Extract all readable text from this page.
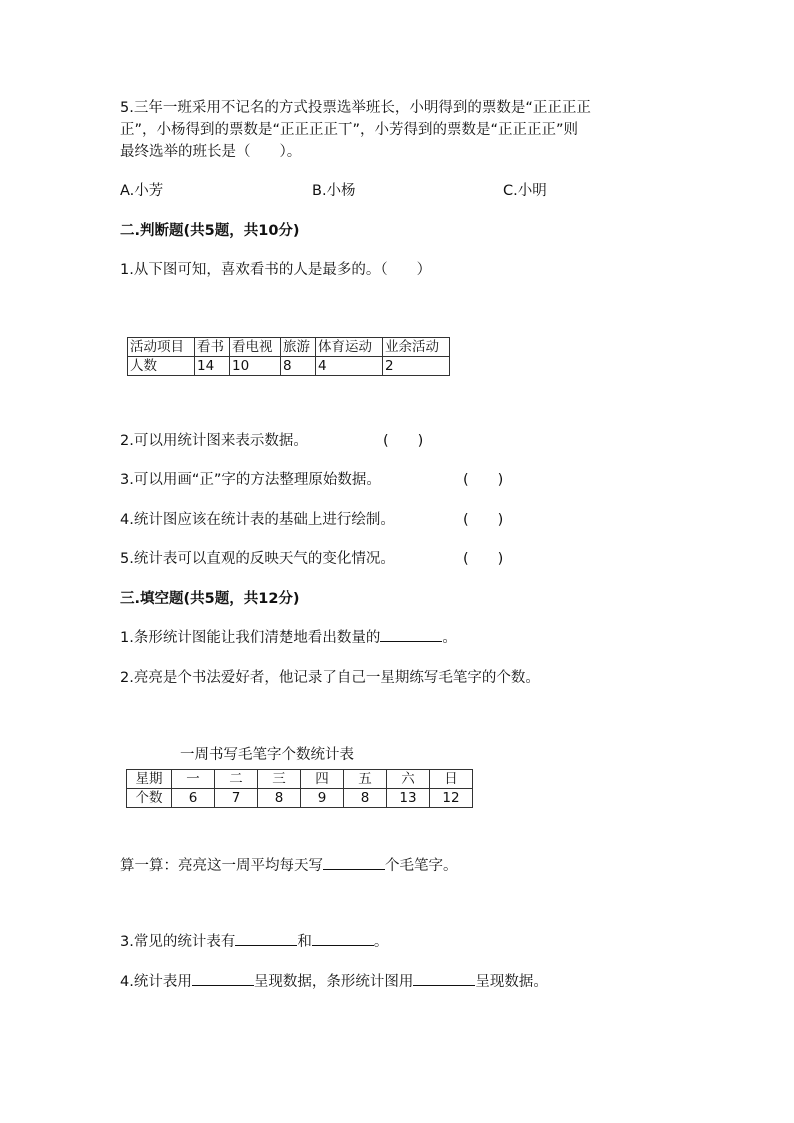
5.三年一班采用不记名的方式投票选举班长，小明得到的票数是“正正正正
正”，小杨得到的票数是“正正正正丅”，小芳得到的票数是“正正正正”则
最终选举的班长是（　　）。
A.小芳	B.小杨	C.小明
二.判断题(共5题，共10分)
1.从下图可知，喜欢看书的人是最多的。（　　）
活动项目	看书	看电视	旅游	体育运动	业余活动
人数	14	10	8	4	2
2.可以用统计图来表示数据。	(　　)
3.可以用画“正”字的方法整理原始数据。	(　　)
4.统计图应该在统计表的基础上进行绘制。	(　　)
5.统计表可以直观的反映天气的变化情况。	(　　)
三.填空题(共5题，共12分)
1.条形统计图能让我们清楚地看出数量的	。
2.亮亮是个书法爱好者，他记录了自己一星期练写毛笔字的个数。
一周书写毛笔字个数统计表
星期	一	二	三	四	五	六	日
个数	6	7	8	9	8	13	12
算一算：亮亮这一周平均每天写	个毛笔字。
3.常见的统计表有	和	。
4.统计表用	呈现数据，条形统计图用	呈现数据。
